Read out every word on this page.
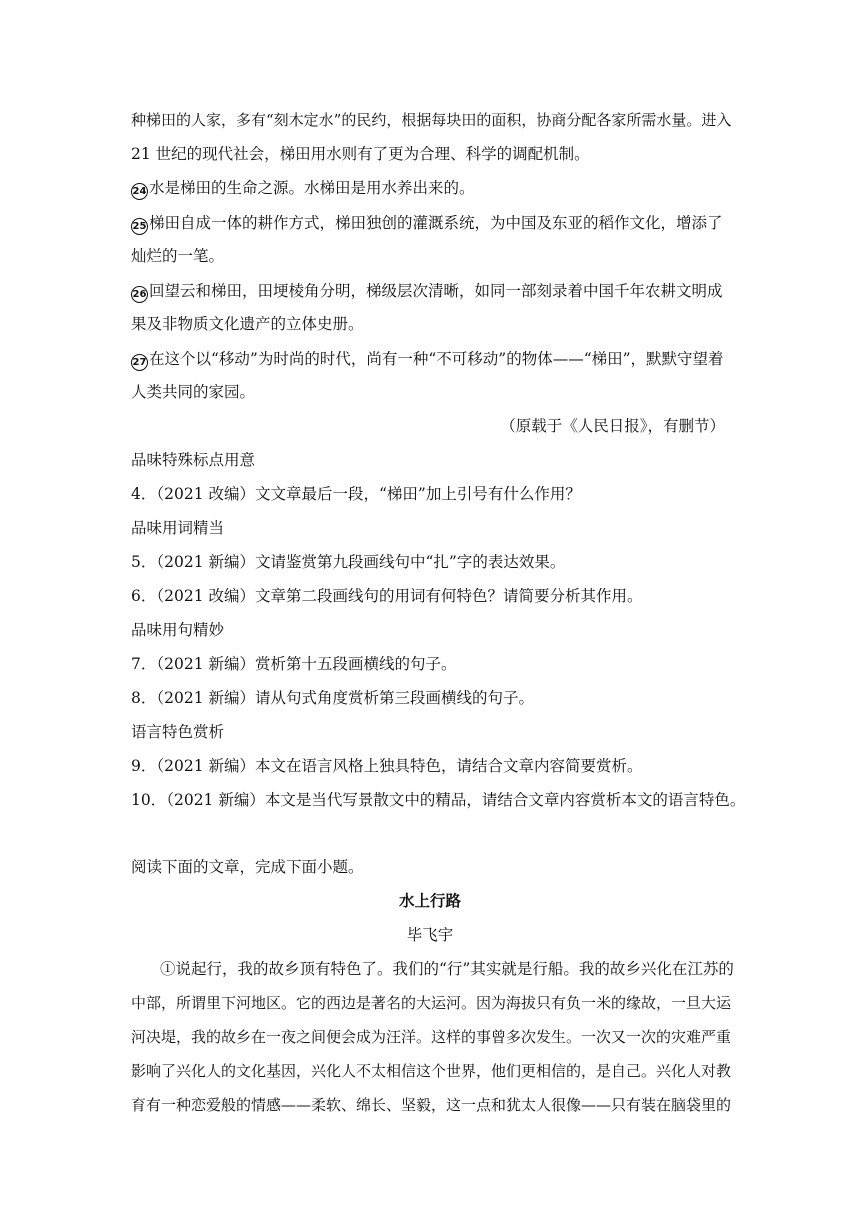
种梯田的人家，多有“刻木定水”的民约，根据每块田的面积，协商分配各家所需水量。进入
21 世纪的现代社会，梯田用水则有了更为合理、科学的调配机制。
24 水是梯田的生命之源。水梯田是用水养出来的。
25 梯田自成一体的耕作方式，梯田独创的灌溉系统，为中国及东亚的稻作文化，增添了
灿烂的一笔。
26 回望云和梯田，田埂棱角分明，梯级层次清晰，如同一部刻录着中国千年农耕文明成
果及非物质文化遗产的立体史册。
27 在这个以“移动”为时尚的时代，尚有一种“不可移动”的物体——“梯田”，默默守望着
人类共同的家园。
（原载于《人民日报》，有删节）
品味特殊标点用意
4．（2021 改编）文文章最后一段，“梯田”加上引号有什么作用？
品味用词精当
5．（2021 新编）文请鉴赏第九段画线句中“扎”字的表达效果。
6．（2021 改编）文章第二段画线句的用词有何特色？请简要分析其作用。
品味用句精妙
7．（2021 新编）赏析第十五段画横线的句子。
8．（2021 新编）请从句式角度赏析第三段画横线的句子。
语言特色赏析
9．（2021 新编）本文在语言风格上独具特色，请结合文章内容简要赏析。
10．（2021 新编）本文是当代写景散文中的精品，请结合文章内容赏析本文的语言特色。
阅读下面的文章，完成下面小题。
水上行路
毕飞宇
①说起行，我的故乡顶有特色了。我们的“行”其实就是行船。我的故乡兴化在江苏的
中部，所谓里下河地区。它的西边是著名的大运河。因为海拔只有负一米的缘故，一旦大运
河决堤，我的故乡在一夜之间便会成为汪洋。这样的事曾多次发生。一次又一次的灾难严重
影响了兴化人的文化基因，兴化人不太相信这个世界，他们更相信的，是自己。兴化人对教
育有一种恋爱般的情感——柔软、绵长、坚毅，这一点和犹太人很像——只有装在脑袋里的
